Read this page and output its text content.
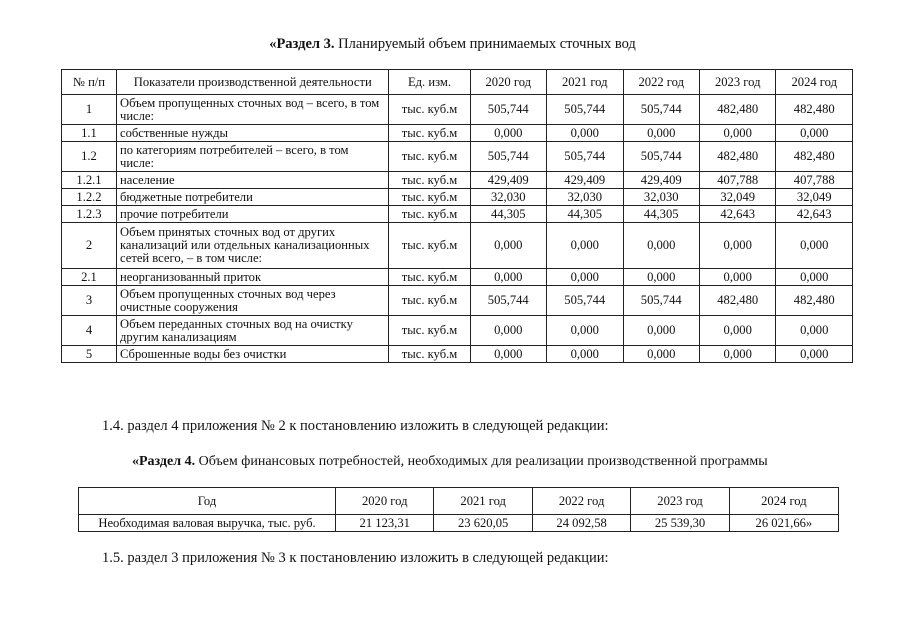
«Раздел 3. Планируемый объем принимаемых сточных вод
№ п/п	Показатели производственной деятельности	Ед. изм.	2020 год	2021 год	2022 год	2023 год	2024 год
1	Объем пропущенных сточных вод – всего, в том числе:	тыс. куб.м	505,744	505,744	505,744	482,480	482,480
1.1	собственные нужды	тыс. куб.м	0,000	0,000	0,000	0,000	0,000
1.2	по категориям потребителей – всего, в том числе:	тыс. куб.м	505,744	505,744	505,744	482,480	482,480
1.2.1	население	тыс. куб.м	429,409	429,409	429,409	407,788	407,788
1.2.2	бюджетные потребители	тыс. куб.м	32,030	32,030	32,030	32,049	32,049
1.2.3	прочие потребители	тыс. куб.м	44,305	44,305	44,305	42,643	42,643
2	Объем принятых сточных вод от других канализаций или отдельных канализационных сетей всего, – в том числе:	тыс. куб.м	0,000	0,000	0,000	0,000	0,000
2.1	неорганизованный приток	тыс. куб.м	0,000	0,000	0,000	0,000	0,000
3	Объем пропущенных сточных вод через очистные сооружения	тыс. куб.м	505,744	505,744	505,744	482,480	482,480
4	Объем переданных сточных вод на очистку другим канализациям	тыс. куб.м	0,000	0,000	0,000	0,000	0,000
5	Сброшенные воды без очистки	тыс. куб.м	0,000	0,000	0,000	0,000	0,000
1.4. раздел 4 приложения № 2 к постановлению изложить в следующей редакции:
«Раздел 4. Объем финансовых потребностей, необходимых для реализации производственной программы
Год	2020 год	2021 год	2022 год	2023 год	2024 год
Необходимая валовая выручка, тыс. руб.	21 123,31	23 620,05	24 092,58	25 539,30	26 021,66»
1.5. раздел 3 приложения № 3 к постановлению изложить в следующей редакции:
